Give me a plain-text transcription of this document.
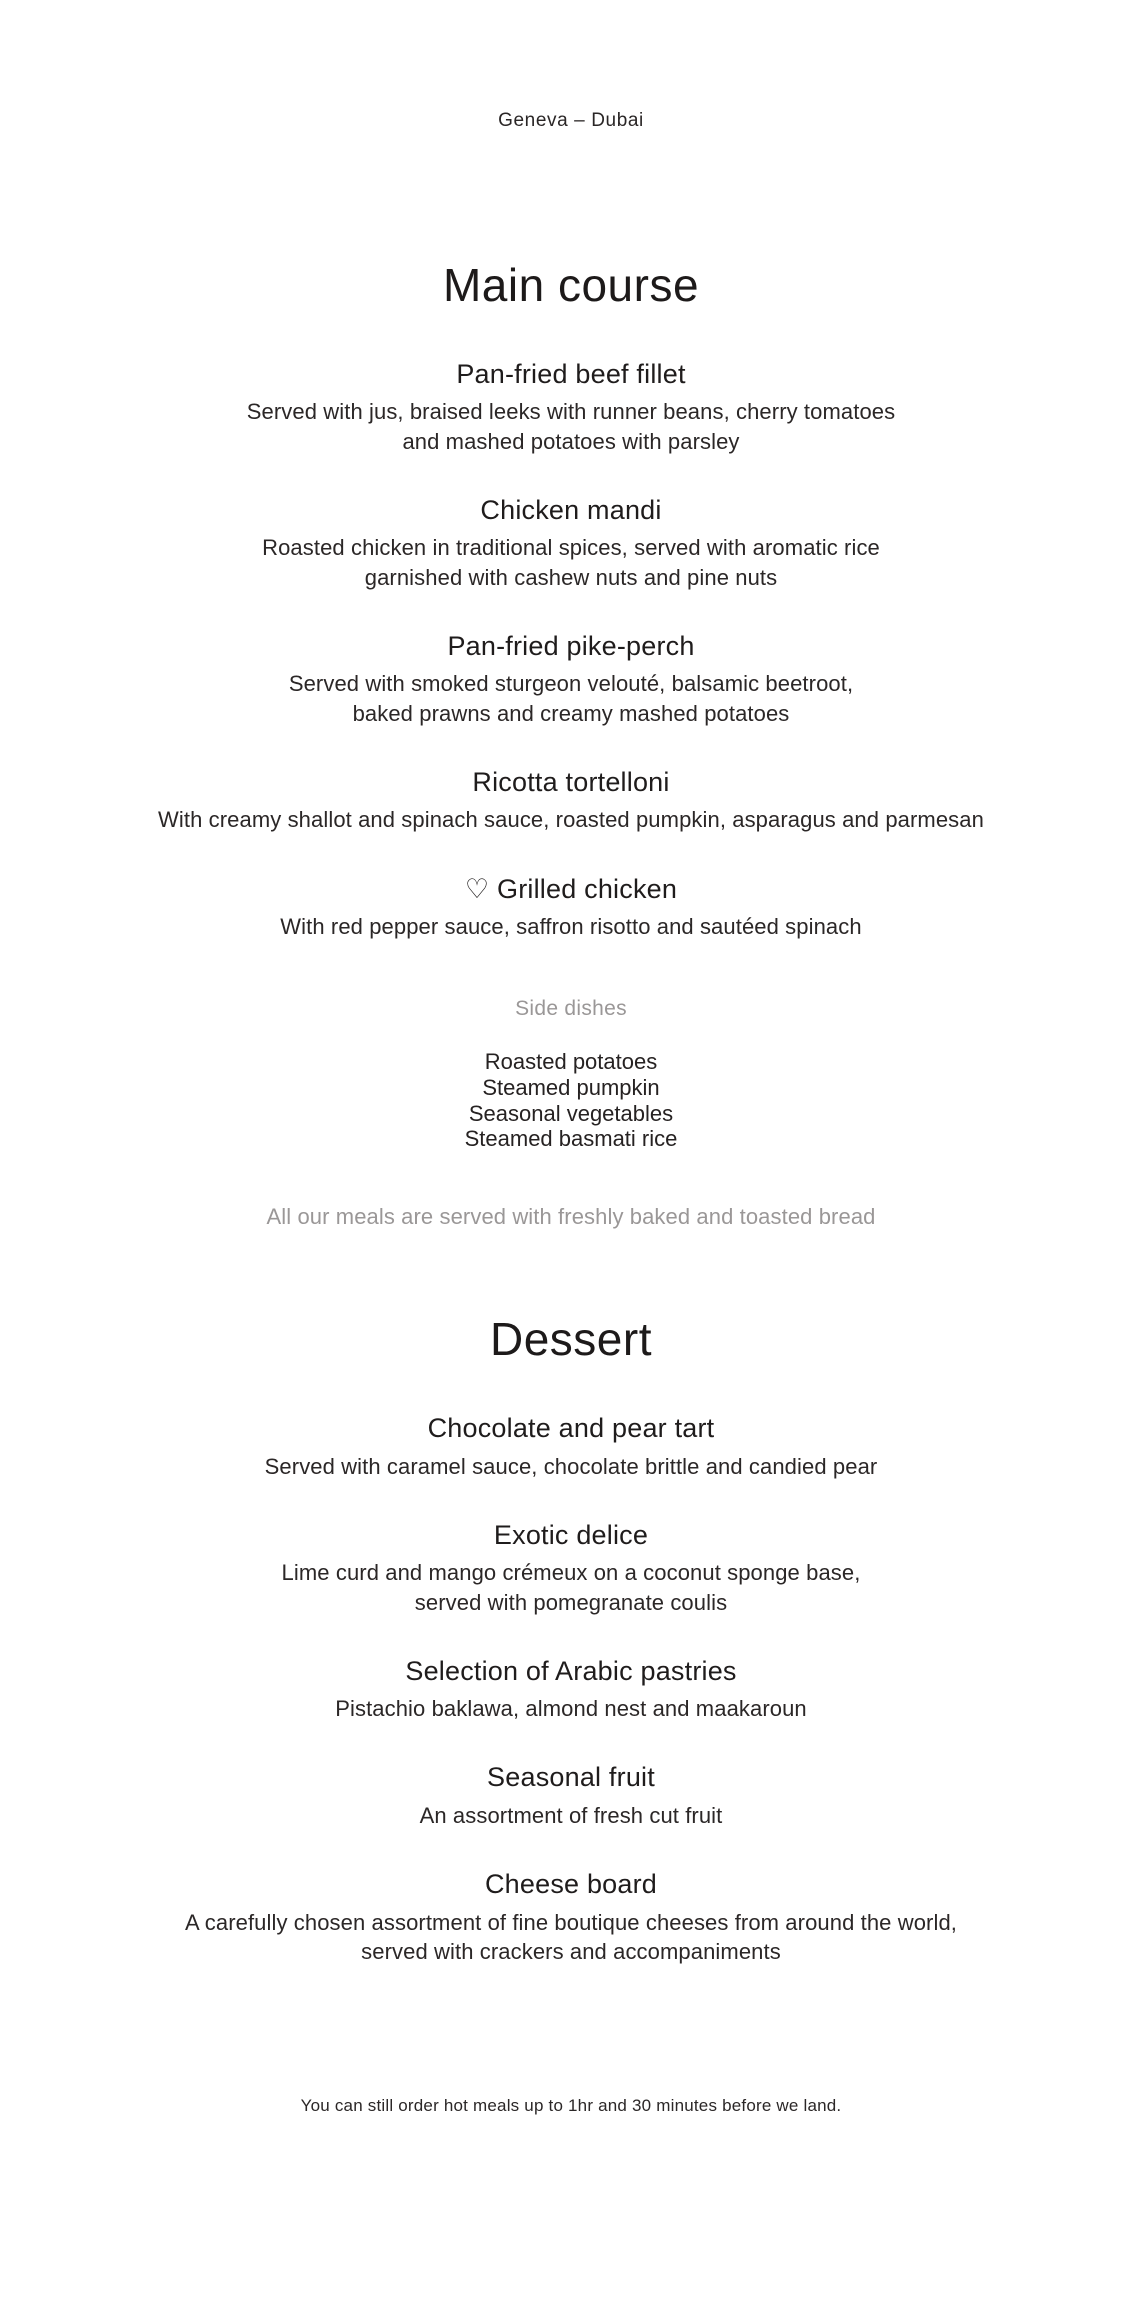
Geneva – Dubai
Main course
Pan-fried beef fillet
Served with jus, braised leeks with runner beans, cherry tomatoes
and mashed potatoes with parsley
Chicken mandi
Roasted chicken in traditional spices, served with aromatic rice
garnished with cashew nuts and pine nuts
Pan-fried pike-perch
Served with smoked sturgeon velouté, balsamic beetroot,
baked prawns and creamy mashed potatoes
Ricotta tortelloni
With creamy shallot and spinach sauce, roasted pumpkin, asparagus and parmesan
♡ Grilled chicken
With red pepper sauce, saffron risotto and sautéed spinach
Side dishes
Roasted potatoes
Steamed pumpkin
Seasonal vegetables
Steamed basmati rice
All our meals are served with freshly baked and toasted bread
Dessert
Chocolate and pear tart
Served with caramel sauce, chocolate brittle and candied pear
Exotic delice
Lime curd and mango crémeux on a coconut sponge base,
served with pomegranate coulis
Selection of Arabic pastries
Pistachio baklawa, almond nest and maakaroun
Seasonal fruit
An assortment of fresh cut fruit
Cheese board
A carefully chosen assortment of fine boutique cheeses from around the world,
served with crackers and accompaniments
You can still order hot meals up to 1hr and 30 minutes before we land.
